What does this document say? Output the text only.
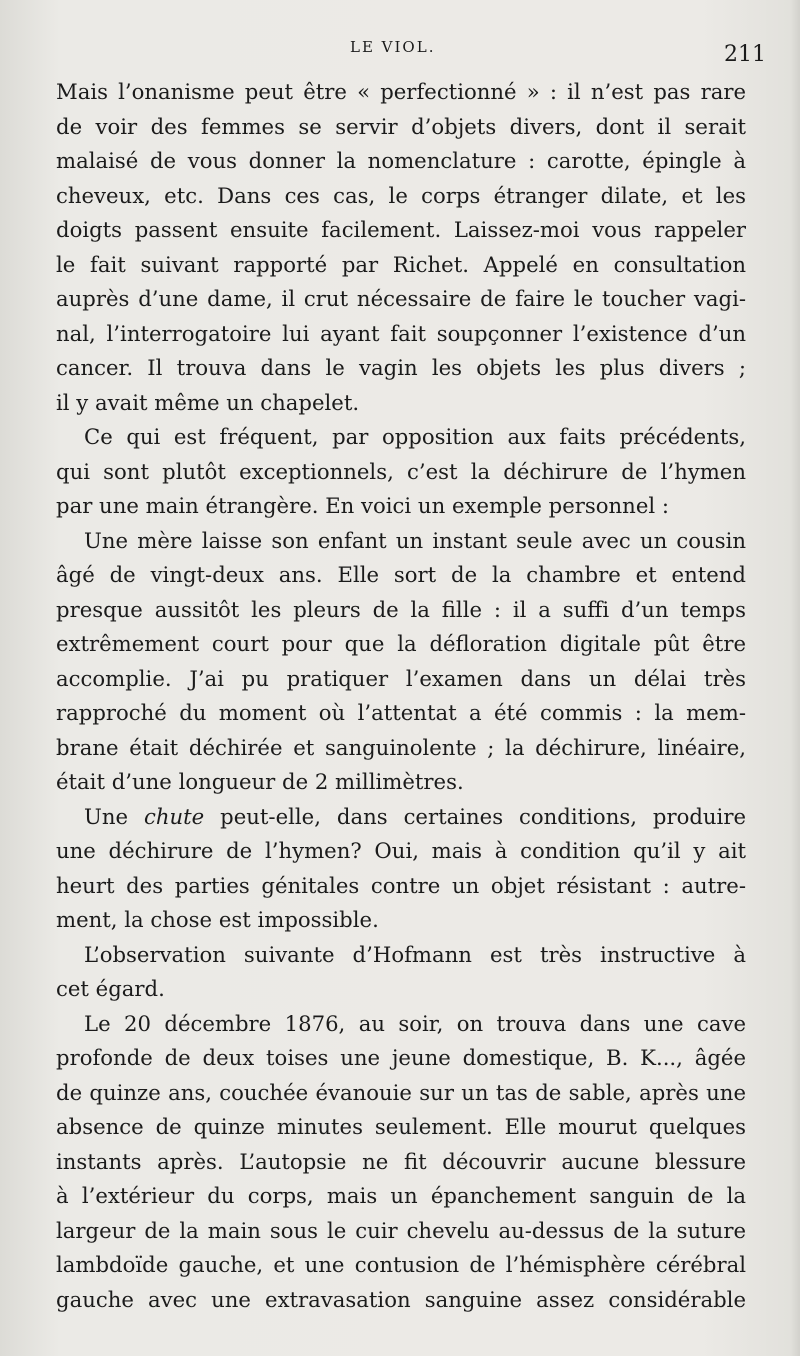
LE VIOL.	211
Mais l’onanisme peut être « perfectionné » : il n’est pas rare
de voir des femmes se servir d’objets divers, dont il serait
malaisé de vous donner la nomenclature : carotte, épingle à
cheveux, etc. Dans ces cas, le corps étranger dilate, et les
doigts passent ensuite facilement. Laissez-moi vous rappeler
le fait suivant rapporté par Richet. Appelé en consultation
auprès d’une dame, il crut nécessaire de faire le toucher vagi-
nal, l’interrogatoire lui ayant fait soupçonner l’existence d’un
cancer. Il trouva dans le vagin les objets les plus divers ;
il y avait même un chapelet.
Ce qui est fréquent, par opposition aux faits précédents,
qui sont plutôt exceptionnels, c’est la déchirure de l’hymen
par une main étrangère. En voici un exemple personnel :
Une mère laisse son enfant un instant seule avec un cousin
âgé de vingt-deux ans. Elle sort de la chambre et entend
presque aussitôt les pleurs de la fille : il a suffi d’un temps
extrêmement court pour que la défloration digitale pût être
accomplie. J’ai pu pratiquer l’examen dans un délai très
rapproché du moment où l’attentat a été commis : la mem-
brane était déchirée et sanguinolente ; la déchirure, linéaire,
était d’une longueur de 2 millimètres.
Une chute peut-elle, dans certaines conditions, produire
une déchirure de l’hymen? Oui, mais à condition qu’il y ait
heurt des parties génitales contre un objet résistant : autre-
ment, la chose est impossible.
L’observation suivante d’Hofmann est très instructive à
cet égard.
Le 20 décembre 1876, au soir, on trouva dans une cave
profonde de deux toises une jeune domestique, B. K..., âgée
de quinze ans, couchée évanouie sur un tas de sable, après une
absence de quinze minutes seulement. Elle mourut quelques
instants après. L’autopsie ne fit découvrir aucune blessure
à l’extérieur du corps, mais un épanchement sanguin de la
largeur de la main sous le cuir chevelu au-dessus de la suture
lambdoïde gauche, et une contusion de l’hémisphère cérébral
gauche avec une extravasation sanguine assez considérable
